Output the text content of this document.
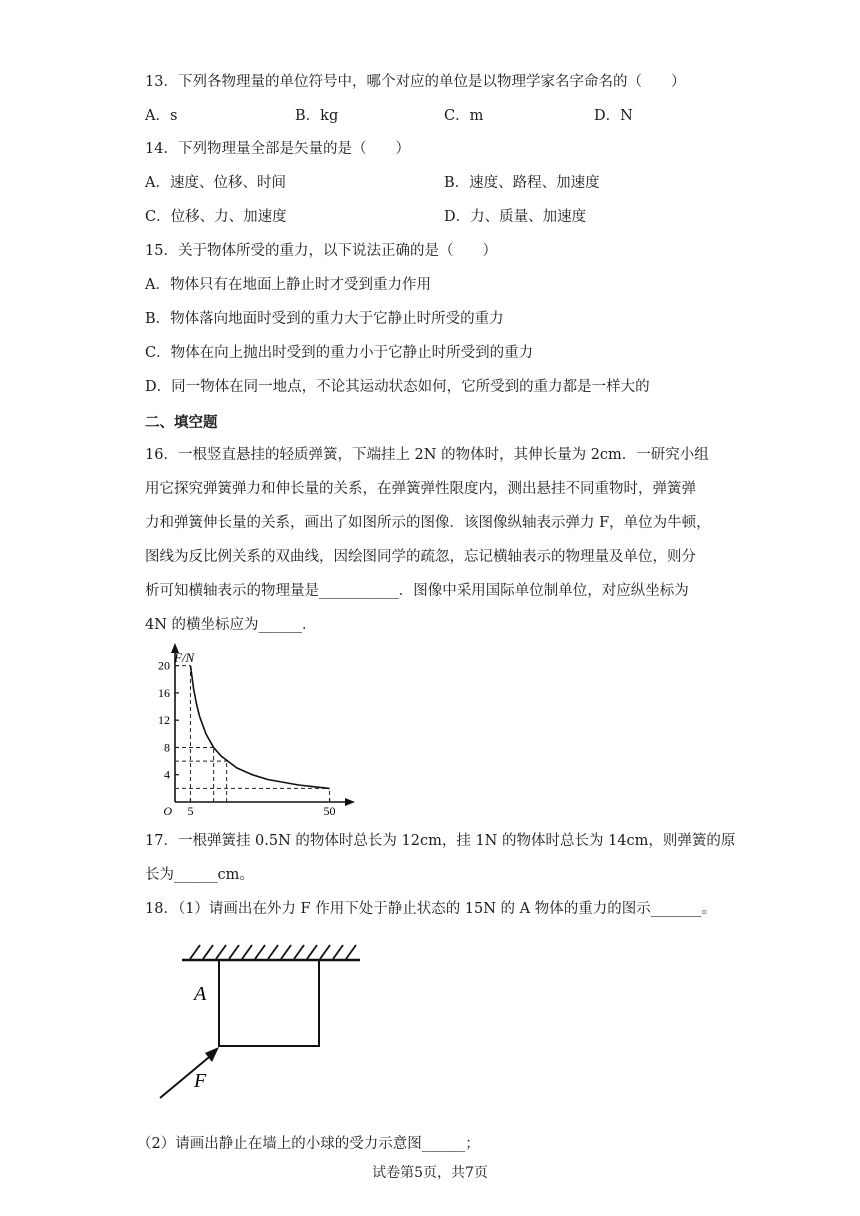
13．下列各物理量的单位符号中，哪个对应的单位是以物理学家名字命名的（　　）
A．s	B．kg	C．m	D．N
14．下列物理量全部是矢量的是（　　）
A．速度、位移、时间	B．速度、路程、加速度
C．位移、力、加速度	D．力、质量、加速度
15．关于物体所受的重力，以下说法正确的是（　　）
A．物体只有在地面上静止时才受到重力作用
B．物体落向地面时受到的重力大于它静止时所受的重力
C．物体在向上抛出时受到的重力小于它静止时所受到的重力
D．同一物体在同一地点，不论其运动状态如何，它所受到的重力都是一样大的
二、填空题
16．一根竖直悬挂的轻质弹簧，下端挂上 2N 的物体时，其伸长量为 2cm．一研究小组
用它探究弹簧弹力和伸长量的关系，在弹簧弹性限度内，测出悬挂不同重物时，弹簧弹
力和弹簧伸长量的关系，画出了如图所示的图像．该图像纵轴表示弹力 F，单位为牛顿，
图线为反比例关系的双曲线，因绘图同学的疏忽，忘记横轴表示的物理量及单位，则分
析可知横轴表示的物理量是___________．图像中采用国际单位制单位，对应纵坐标为
4N 的横坐标应为______．
4
8
12
16
20
O 5	50
F/N
17．一根弹簧挂 0.5N 的物体时总长为 12cm，挂 1N 的物体时总长为 14cm，则弹簧的原
长为______cm。
18．（1）请画出在外力 F 作用下处于静止状态的 15N 的 A 物体的重力的图示_______。
A
F
（2）请画出静止在墙上的小球的受力示意图______；
试卷第5页，共7页
